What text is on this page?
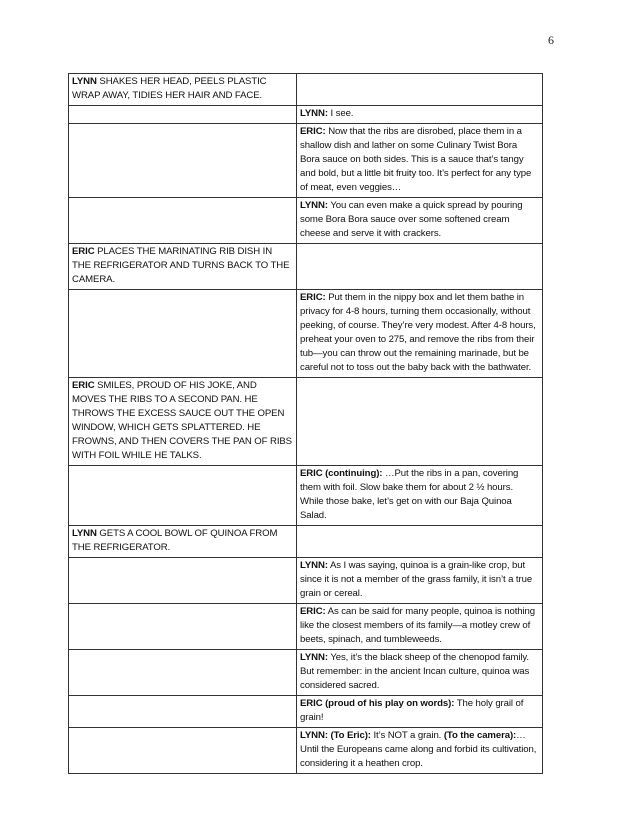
6
LYNN SHAKES HER HEAD, PEELS PLASTIC WRAP AWAY, TIDIES HER HAIR AND FACE.	
	LYNN: I see.
	ERIC: Now that the ribs are disrobed, place them in a shallow dish and lather on some Culinary Twist Bora Bora sauce on both sides. This is a sauce that’s tangy and bold, but a little bit fruity too. It’s perfect for any type of meat, even veggies…
	LYNN: You can even make a quick spread by pouring some Bora Bora sauce over some softened cream cheese and serve it with crackers.
ERIC PLACES THE MARINATING RIB DISH IN THE REFRIGERATOR AND TURNS BACK TO THE CAMERA.	
	ERIC: Put them in the nippy box and let them bathe in privacy for 4-8 hours, turning them occasionally, without peeking, of course. They’re very modest. After 4-8 hours, preheat your oven to 275, and remove the ribs from their tub—you can throw out the remaining marinade, but be careful not to toss out the baby back with the bathwater.
ERIC SMILES, PROUD OF HIS JOKE, AND MOVES THE RIBS TO A SECOND PAN. HE THROWS THE EXCESS SAUCE OUT THE OPEN WINDOW, WHICH GETS SPLATTERED. HE FROWNS, AND THEN COVERS THE PAN OF RIBS WITH FOIL WHILE HE TALKS.	
	ERIC (continuing): …Put the ribs in a pan, covering them with foil. Slow bake them for about 2 ½ hours. While those bake, let’s get on with our Baja Quinoa Salad.
LYNN GETS A COOL BOWL OF QUINOA FROM THE REFRIGERATOR.	
	LYNN: As I was saying, quinoa is a grain-like crop, but since it is not a member of the grass family, it isn’t a true grain or cereal.
	ERIC: As can be said for many people, quinoa is nothing like the closest members of its family—a motley crew of beets, spinach, and tumbleweeds.
	LYNN: Yes, it’s the black sheep of the chenopod family. But remember: in the ancient Incan culture, quinoa was considered sacred.
	ERIC (proud of his play on words): The holy grail of grain!
	LYNN: (To Eric): It’s NOT a grain. (To the camera):…Until the Europeans came along and forbid its cultivation, considering it a heathen crop.
